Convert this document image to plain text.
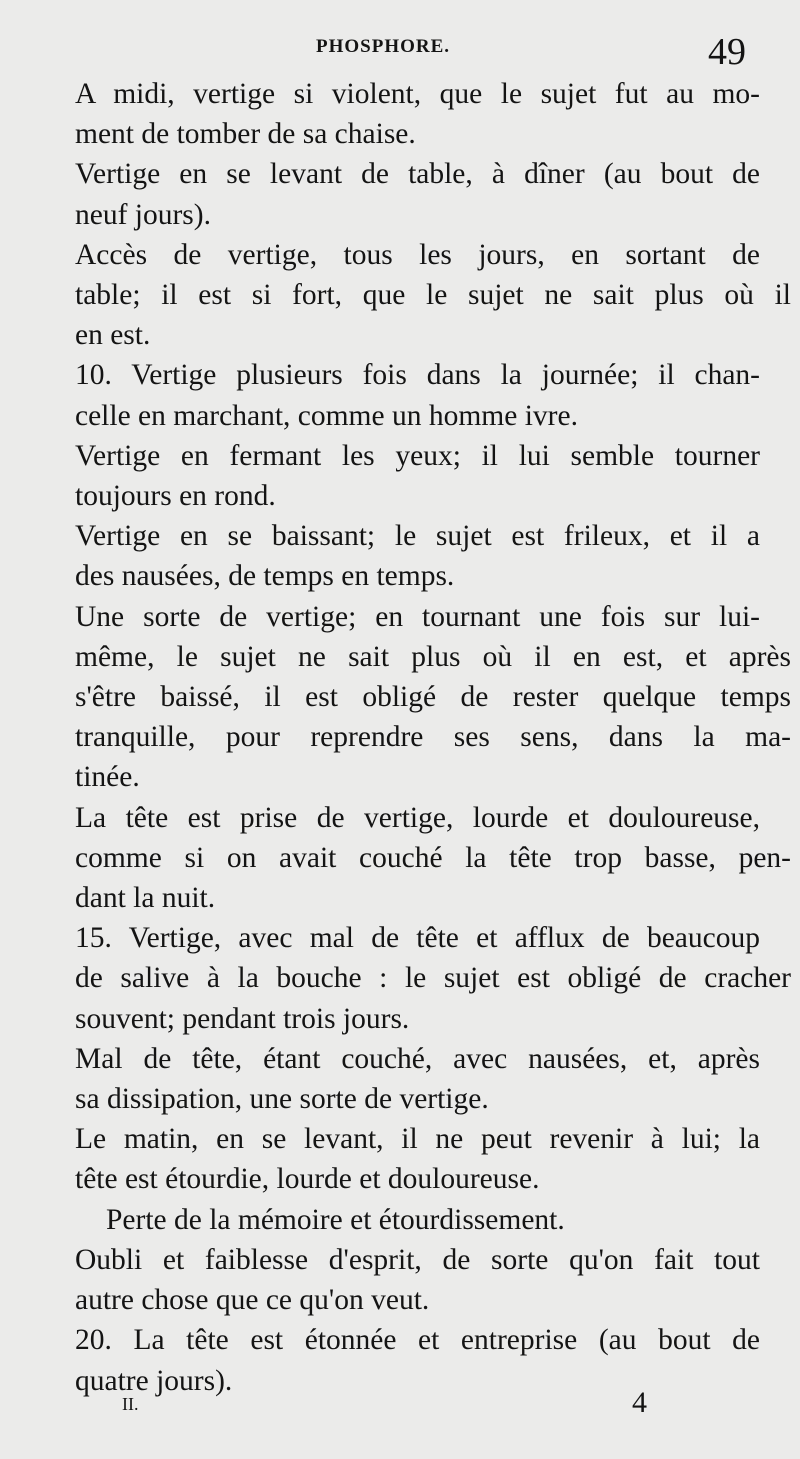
PHOSPHORE.	49

A midi, vertige si violent, que le sujet fut au mo-
ment de tomber de sa chaise.

Vertige en se levant de table, à dîner (au bout de
neuf jours).

Accès de vertige, tous les jours, en sortant de
table; il est si fort, que le sujet ne sait plus où il
en est.

10. Vertige plusieurs fois dans la journée; il chan-
celle en marchant, comme un homme ivre.

Vertige en fermant les yeux; il lui semble tourner
toujours en rond.

Vertige en se baissant; le sujet est frileux, et il a
des nausées, de temps en temps.

Une sorte de vertige; en tournant une fois sur lui-
même, le sujet ne sait plus où il en est, et après
s'être baissé, il est obligé de rester quelque temps
tranquille, pour reprendre ses sens, dans la ma-
tinée.

La tête est prise de vertige, lourde et douloureuse,
comme si on avait couché la tête trop basse, pen-
dant la nuit.

15. Vertige, avec mal de tête et afflux de beaucoup
de salive à la bouche : le sujet est obligé de cracher
souvent; pendant trois jours.

Mal de tête, étant couché, avec nausées, et, après
sa dissipation, une sorte de vertige.

Le matin, en se levant, il ne peut revenir à lui; la
tête est étourdie, lourde et douloureuse.

Perte de la mémoire et étourdissement.

Oubli et faiblesse d'esprit, de sorte qu'on fait tout
autre chose que ce qu'on veut.

20. La tête est étonnée et entreprise (au bout de
quatre jours).

II.	4
